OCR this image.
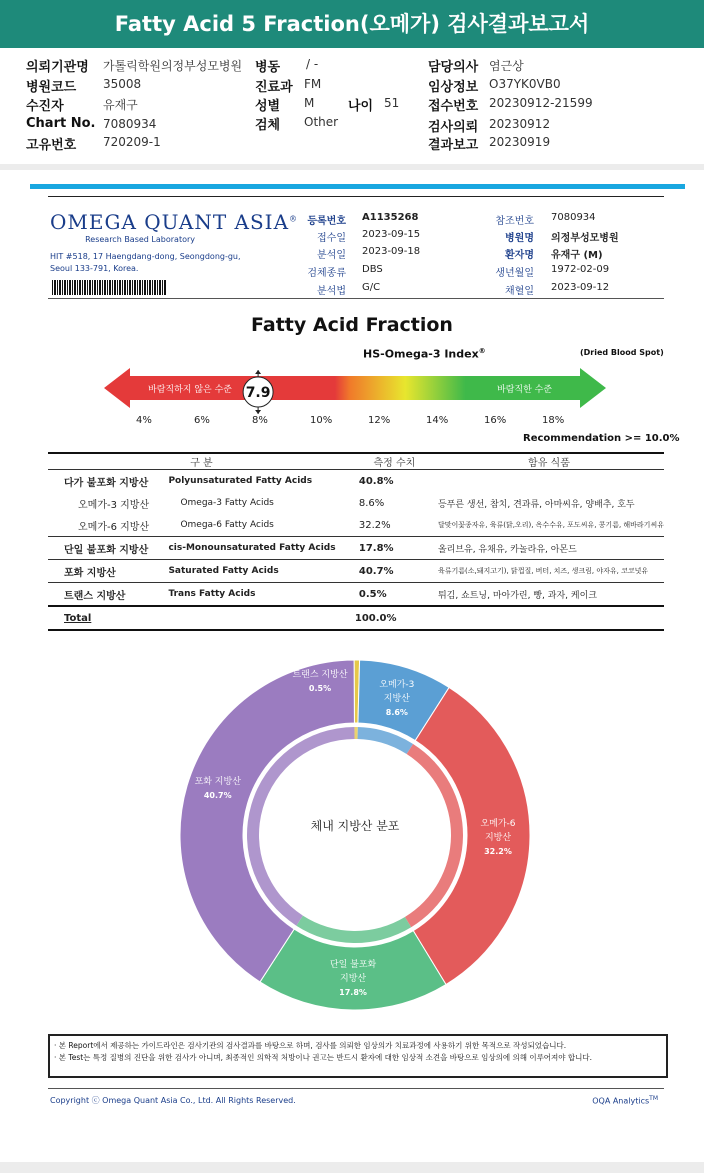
Fatty Acid 5 Fraction(오메가) 검사결과보고서
의뢰기관명 가톨릭학원의정부성모병원
병원코드 35008
수진자	유재구
Chart No. 7080934
고유번호 720209-1
병동 / -
진료과 FM
성별 M	나이 51
검체 Other
담당의사 염근상
임상정보 O37YK0VB0
접수번호 20230912-21599
검사의뢰 20230912
결과보고 20230919
OMEGA QUANT ASIA®
Research Based Laboratory
HIT #518, 17 Haengdang-dong, Seongdong-gu,
Seoul 133-791, Korea.
등록번호 A1135268
접수일 2023-09-15
분석일 2023-09-18
검체종류 DBS
분석법 G/C
참조번호 7080934
병원명 의정부성모병원
환자명 유재구 (M)
생년월일 1972-02-09
채혈일 2023-09-12
Fatty Acid Fraction
HS-Omega-3 Index®	(Dried Blood Spot)
바람직하지 않은 수준	바람직한 수준
7.9
4%	6%	8%	10%	12%	14%	16%	18%
Recommendation >= 10.0%
구 분		측정 수치	함유 식품
다가 불포화 지방산	Polyunsaturated Fatty Acids	40.8%	
오메가-3 지방산	Omega-3 Fatty Acids	8.6%	등푸른 생선, 참치, 견과류, 아마씨유, 양배추, 호두
오메가-6 지방산	Omega-6 Fatty Acids	32.2%	달맞이꽃종자유, 육류(닭,오리), 옥수수유, 포도씨유, 콩기름, 해바라기씨유
단일 불포화 지방산	cis-Monounsaturated Fatty Acids	17.8%	올리브유, 유채유, 카놀라유, 아몬드
포화 지방산	Saturated Fatty Acids	40.7%	육류기름(소,돼지고기), 닭껍질, 버터, 치즈, 생크림, 야자유, 코코넛유
트랜스 지방산	Trans Fatty Acids	0.5%	튀김, 쇼트닝, 마아가린, 빵, 과자, 케이크
Total		100.0%	
체내 지방산 분포
트랜스 지방산
0.5%	오메가-3
지방산
8.6%
오메가-6
지방산
32.2%
단일 불포화
지방산
17.8%
포화 지방산
40.7%
· 본 Report에서 제공하는 가이드라인은 검사기관의 검사결과를 바탕으로 하며, 검사를 의뢰한 임상의가 치료과정에 사용하기 위한 목적으로 작성되었습니다.
· 본 Test는 특정 질병의 진단을 위한 검사가 아니며, 최종적인 의학적 처방이나 권고는 반드시 환자에 대한 임상적 소견을 바탕으로 임상의에 의해 이루어져야 합니다.
Copyright ⓒ Omega Quant Asia Co., Ltd. All Rights Reserved.	OQA Analytics™
